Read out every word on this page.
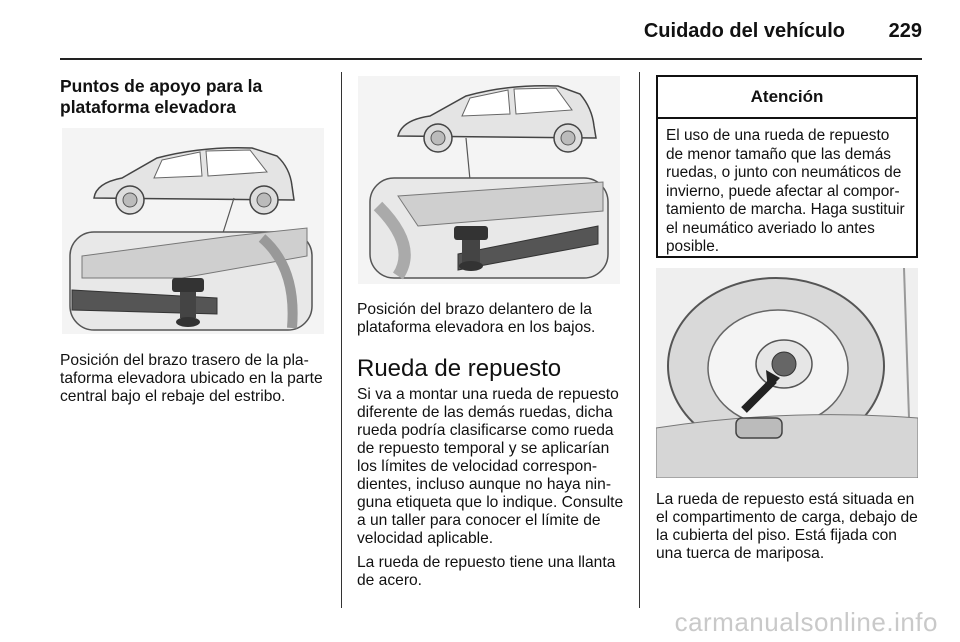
Cuidado del vehículo 229

Puntos de apoyo para la plataforma elevadora

Posición del brazo trasero de la plataforma elevadora ubicado en la parte central bajo el rebaje del estribo.

Posición del brazo delantero de la plataforma elevadora en los bajos.

Rueda de repuesto

Si va a montar una rueda de repuesto diferente de las demás ruedas, dicha rueda podría clasificarse como rueda de repuesto temporal y se aplicarían los límites de velocidad correspondientes, incluso aunque no haya ninguna etiqueta que lo indique. Consulte a un taller para conocer el límite de velocidad aplicable.

La rueda de repuesto tiene una llanta de acero.

Atención
El uso de una rueda de repuesto de menor tamaño que las demás ruedas, o junto con neumáticos de invierno, puede afectar al comportamiento de marcha. Haga sustituir el neumático averiado lo antes posible.

La rueda de repuesto está situada en el compartimento de carga, debajo de la cubierta del piso. Está fijada con una tuerca de mariposa.

carmanualsonline.info
